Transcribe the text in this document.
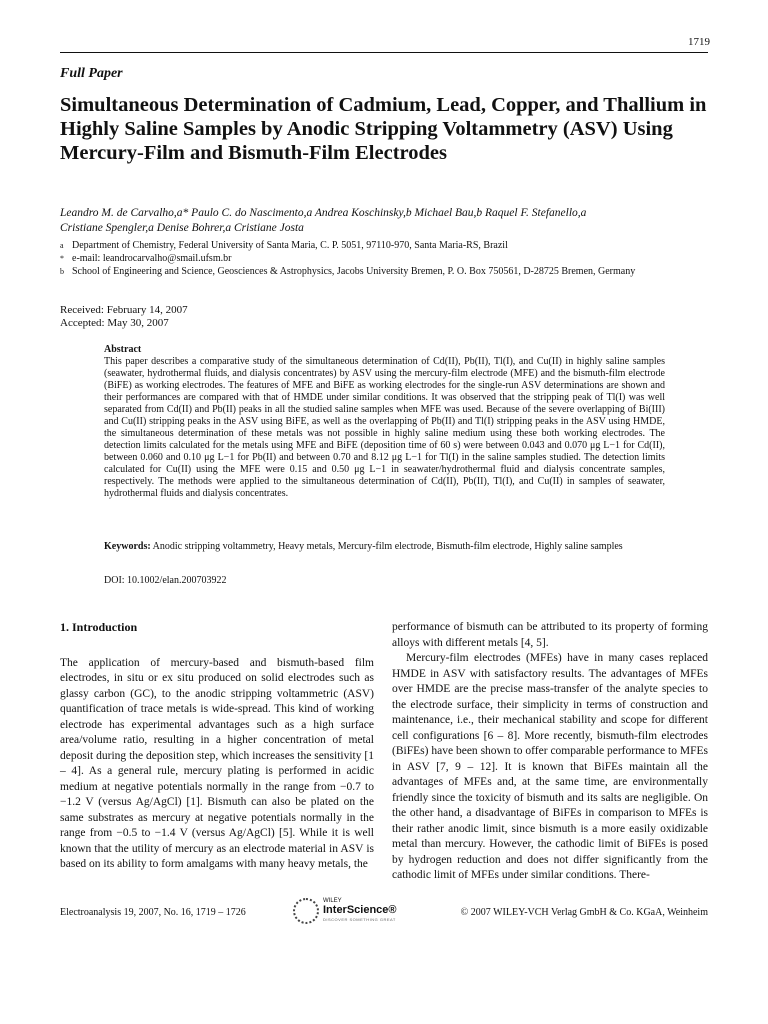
1719
Full Paper
Simultaneous Determination of Cadmium, Lead, Copper, and Thallium in Highly Saline Samples by Anodic Stripping Voltammetry (ASV) Using Mercury-Film and Bismuth-Film Electrodes
Leandro M. de Carvalho,a* Paulo C. do Nascimento,a Andrea Koschinsky,b Michael Bau,b Raquel F. Stefanello,a
Cristiane Spengler,a Denise Bohrer,a Cristiane Josta
a Department of Chemistry, Federal University of Santa Maria, C. P. 5051, 97110-970, Santa Maria-RS, Brazil
* e-mail: leandrocarvalho@smail.ufsm.br
b School of Engineering and Science, Geosciences & Astrophysics, Jacobs University Bremen, P. O. Box 750561, D-28725 Bremen, Germany
Received: February 14, 2007
Accepted: May 30, 2007
Abstract
This paper describes a comparative study of the simultaneous determination of Cd(II), Pb(II), Tl(I), and Cu(II) in highly saline samples (seawater, hydrothermal fluids, and dialysis concentrates) by ASV using the mercury-film electrode (MFE) and the bismuth-film electrode (BiFE) as working electrodes. The features of MFE and BiFE as working electrodes for the single-run ASV determinations are shown and their performances are compared with that of HMDE under similar conditions. It was observed that the stripping peak of Tl(I) was well separated from Cd(II) and Pb(II) peaks in all the studied saline samples when MFE was used. Because of the severe overlapping of Bi(III) and Cu(II) stripping peaks in the ASV using BiFE, as well as the overlapping of Pb(II) and Tl(I) stripping peaks in the ASV using HMDE, the simultaneous determination of these metals was not possible in highly saline medium using these both working electrodes. The detection limits calculated for the metals using MFE and BiFE (deposition time of 60 s) were between 0.043 and 0.070 μg L−1 for Cd(II), between 0.060 and 0.10 μg L−1 for Pb(II) and between 0.70 and 8.12 μg L−1 for Tl(I) in the saline samples studied. The detection limits calculated for Cu(II) using the MFE were 0.15 and 0.50 μg L−1 in seawater/hydrothermal fluid and dialysis concentrate samples, respectively. The methods were applied to the simultaneous determination of Cd(II), Pb(II), Tl(I), and Cu(II) in samples of seawater, hydrothermal fluids and dialysis concentrates.
Keywords: Anodic stripping voltammetry, Heavy metals, Mercury-film electrode, Bismuth-film electrode, Highly saline samples
DOI: 10.1002/elan.200703922
1. Introduction

The application of mercury-based and bismuth-based film electrodes, in situ or ex situ produced on solid electrodes such as glassy carbon (GC), to the anodic stripping voltammetric (ASV) quantification of trace metals is wide-spread. This kind of working electrode has experimental advantages such as a high surface area/volume ratio, resulting in a higher concentration of metal deposit during the deposition step, which increases the sensitivity [1 – 4]. As a general rule, mercury plating is performed in acidic medium at negative potentials normally in the range from −0.7 to −1.2 V (versus Ag/AgCl) [1]. Bismuth can also be plated on the same substrates as mercury at negative potentials normally in the range from −0.5 to −1.4 V (versus Ag/AgCl) [5]. While it is well known that the utility of mercury as an electrode material in ASV is based on its ability to form amalgams with many heavy metals, the

performance of bismuth can be attributed to its property of forming alloys with different metals [4, 5].

Mercury-film electrodes (MFEs) have in many cases replaced HMDE in ASV with satisfactory results. The advantages of MFEs over HMDE are the precise mass-transfer of the analyte species to the electrode surface, their simplicity in terms of construction and maintenance, i.e., their mechanical stability and scope for different cell configurations [6 – 8]. More recently, bismuth-film electrodes (BiFEs) have been shown to offer comparable performance to MFEs in ASV [7, 9 – 12]. It is known that BiFEs maintain all the advantages of MFEs and, at the same time, are environmentally friendly since the toxicity of bismuth and its salts are negligible. On the other hand, a disadvantage of BiFEs in comparison to MFEs is their rather anodic limit, since bismuth is a more easily oxidizable metal than mercury. However, the cathodic limit of BiFEs is posed by hydrogen reduction and does not differ significantly from the cathodic limit of MFEs under similar conditions. There-

Electroanalysis 19, 2007, No. 16, 1719 – 1726
WILEY
InterScience®
DISCOVER SOMETHING GREAT
© 2007 WILEY-VCH Verlag GmbH & Co. KGaA, Weinheim
